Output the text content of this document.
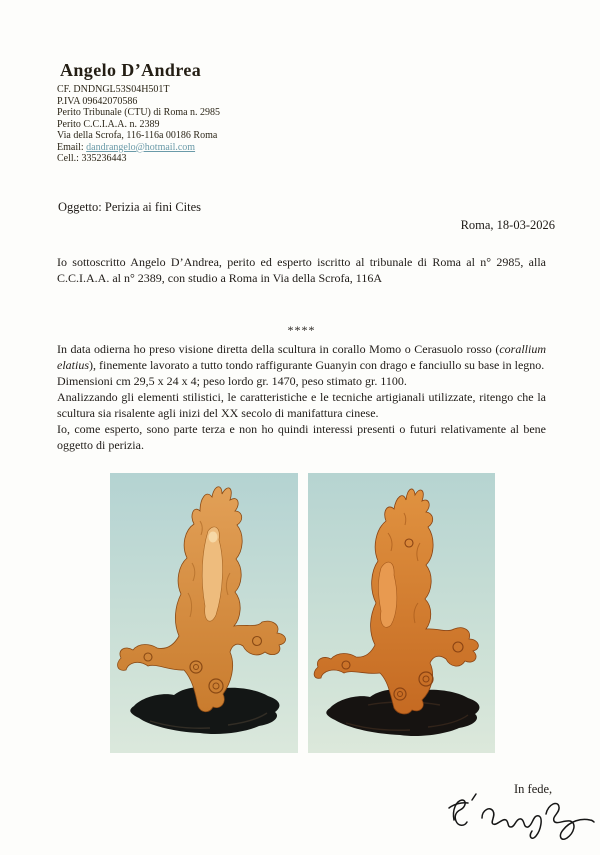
Angelo D’Andrea
CF. DNDNGL53S04H501T
P.IVA 09642070586
Perito Tribunale (CTU) di Roma n. 2985
Perito C.C.I.A.A. n. 2389
Via della Scrofa, 116-116a 00186 Roma
Email: dandrangelo@hotmail.com
Cell.: 335236443
Oggetto: Perizia ai fini Cites
Roma, 18-03-2026
Io sottoscritto Angelo D’Andrea, perito ed esperto iscritto al tribunale di Roma al n° 2985, alla C.C.I.A.A. al n° 2389, con studio a Roma in Via della Scrofa, 116A
****

In data odierna ho preso visione diretta della scultura in corallo Momo o Cerasuolo rosso (corallium elatius), finemente lavorato a tutto tondo raffigurante Guanyin con drago e fanciullo su base in legno.

Dimensioni cm 29,5 x 24 x 4; peso lordo gr. 1470, peso stimato gr. 1100.

Analizzando gli elementi stilistici, le caratteristiche e le tecniche artigianali utilizzate, ritengo che la scultura sia risalente agli inizi del XX secolo di manifattura cinese.

Io, come esperto, sono parte terza e non ho quindi interessi presenti o futuri relativamente al bene oggetto di perizia.

In fede,
